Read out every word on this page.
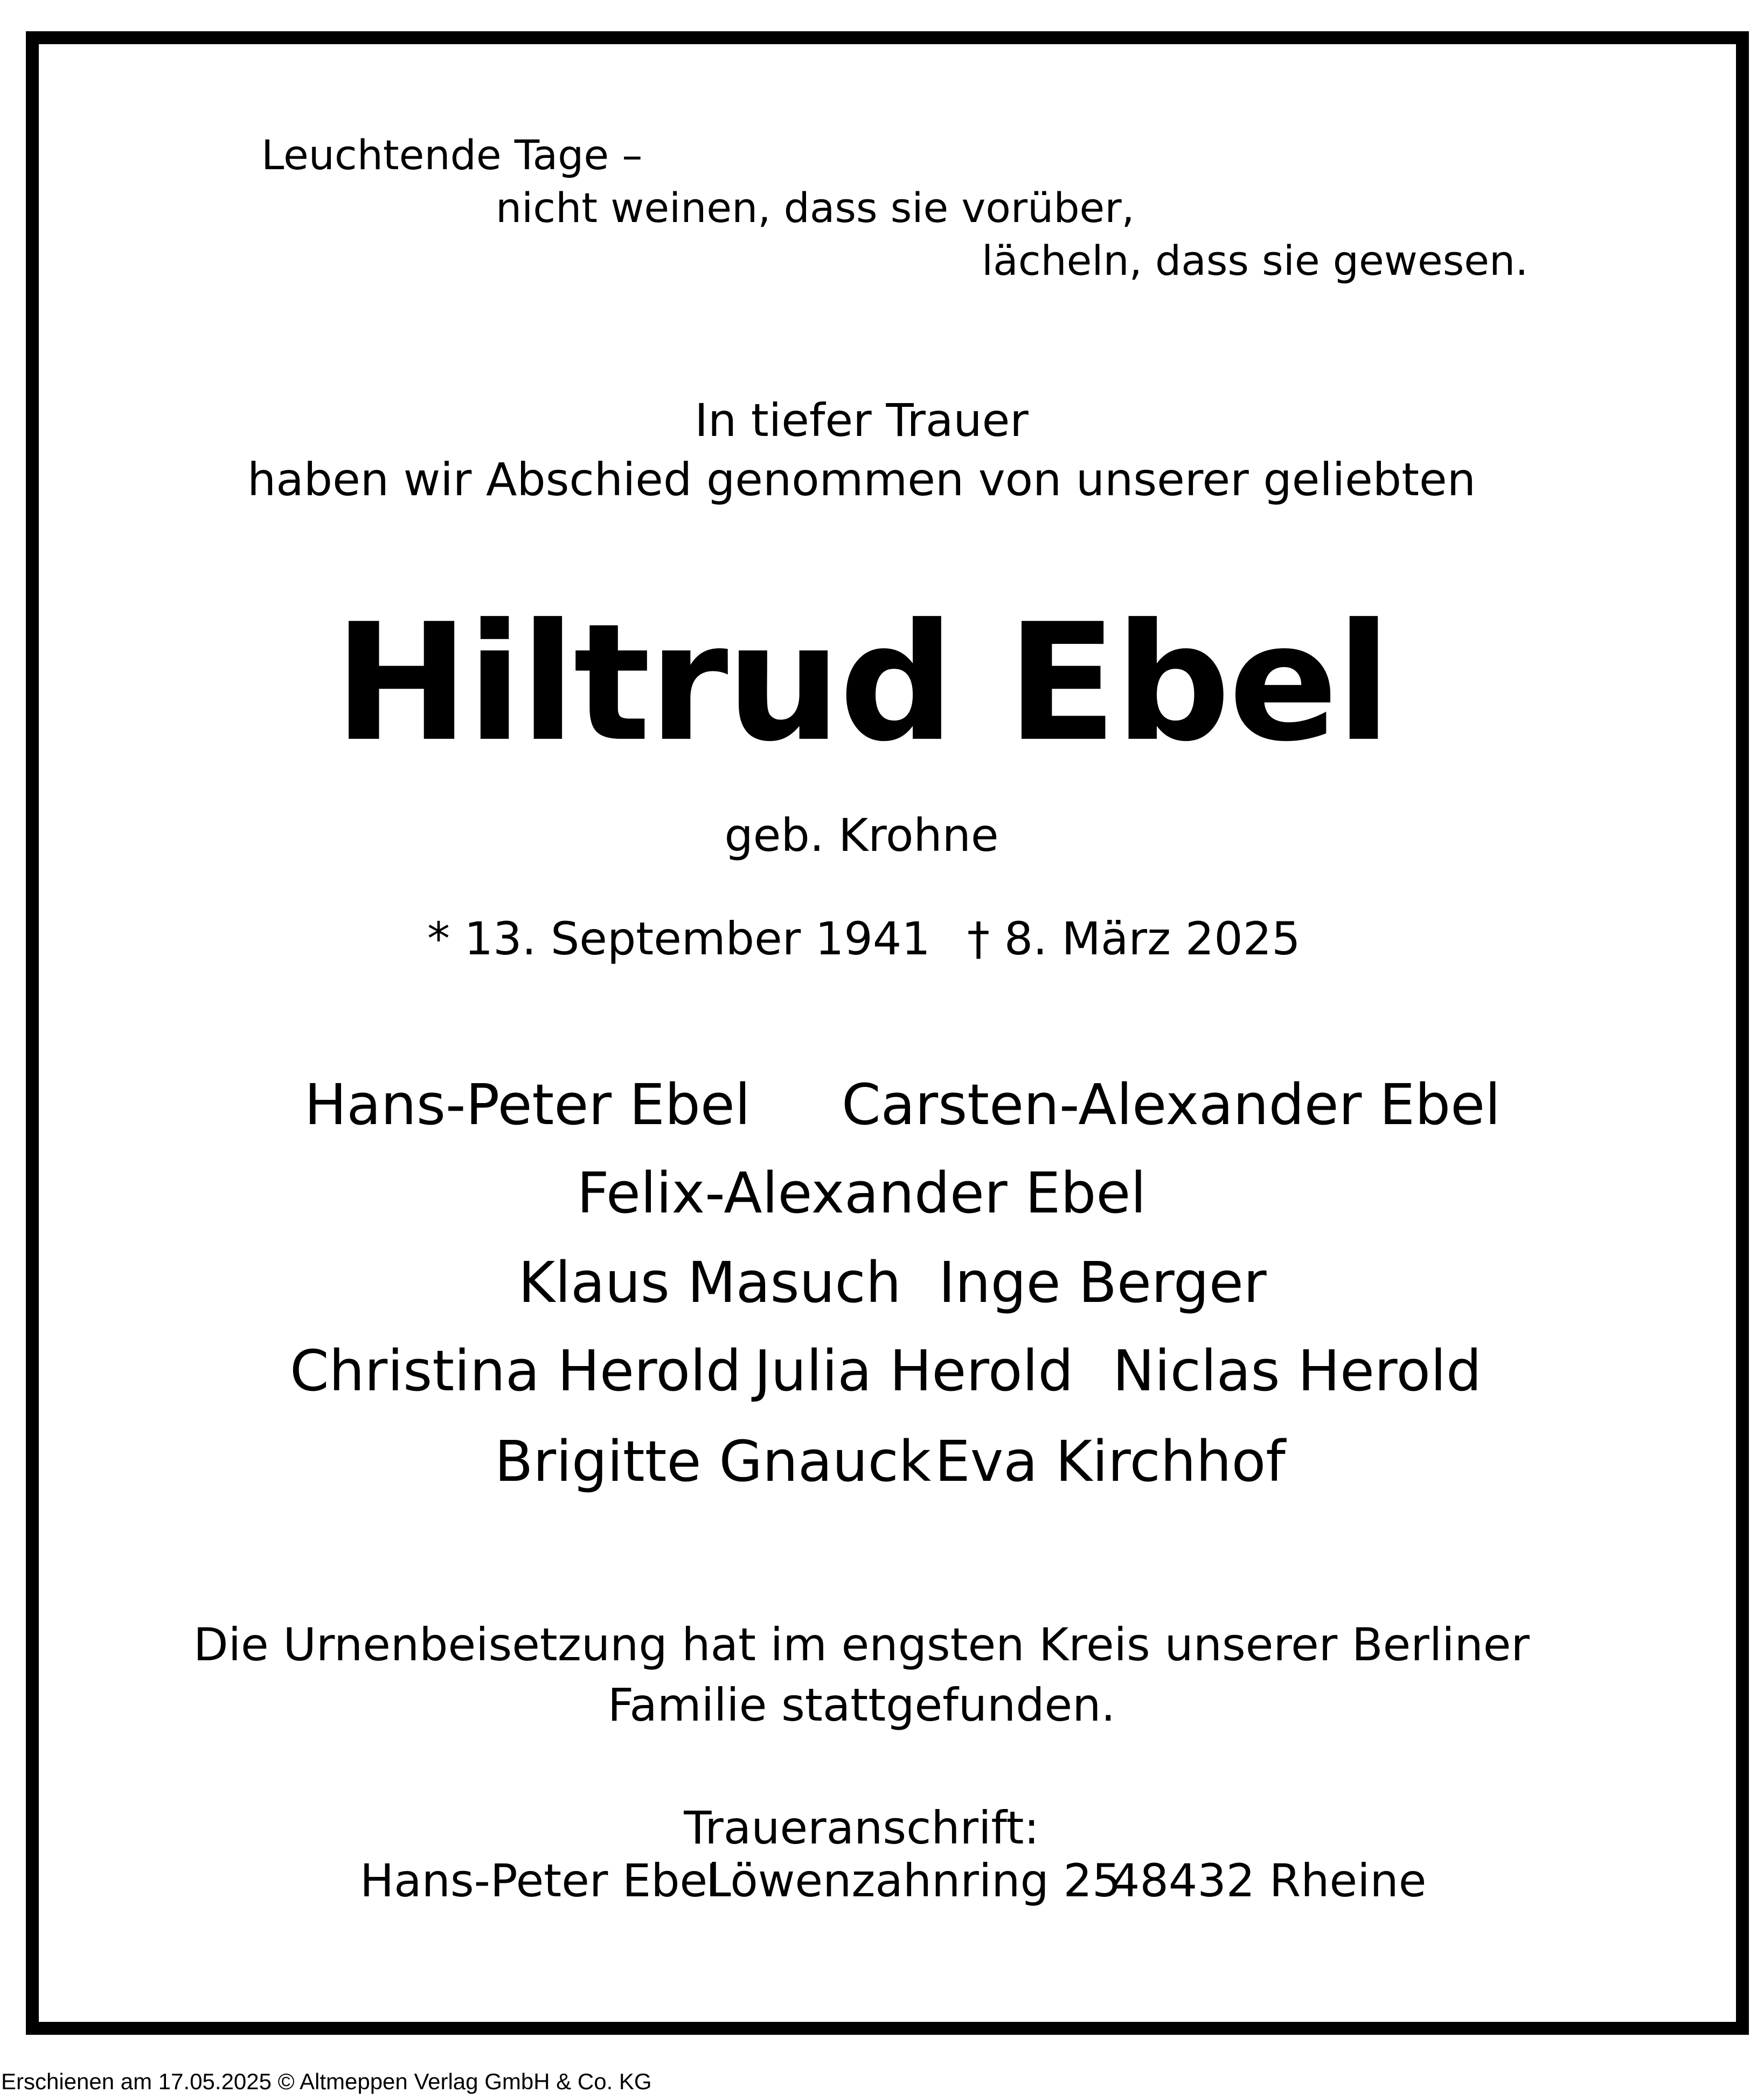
Leuchtende Tage –
nicht weinen, dass sie vorüber,
lächeln, dass sie gewesen.
In tiefer Trauer
haben wir Abschied genommen von unserer geliebten
Hiltrud Ebel
geb. Krohne
* 13. September 1941 † 8. März 2025
Hans-Peter Ebel Carsten-Alexander Ebel
Felix-Alexander Ebel
Klaus Masuch Inge Berger
Christina Herold Julia Herold Niclas Herold
Brigitte Gnauck Eva Kirchhof
Die Urnenbeisetzung hat im engsten Kreis unserer Berliner
Familie stattgefunden.
Traueranschrift:
Hans-Peter Ebel
Löwenzahnring 25
48432 Rheine
Erschienen am 17.05.2025 © Altmeppen Verlag GmbH & Co. KG
